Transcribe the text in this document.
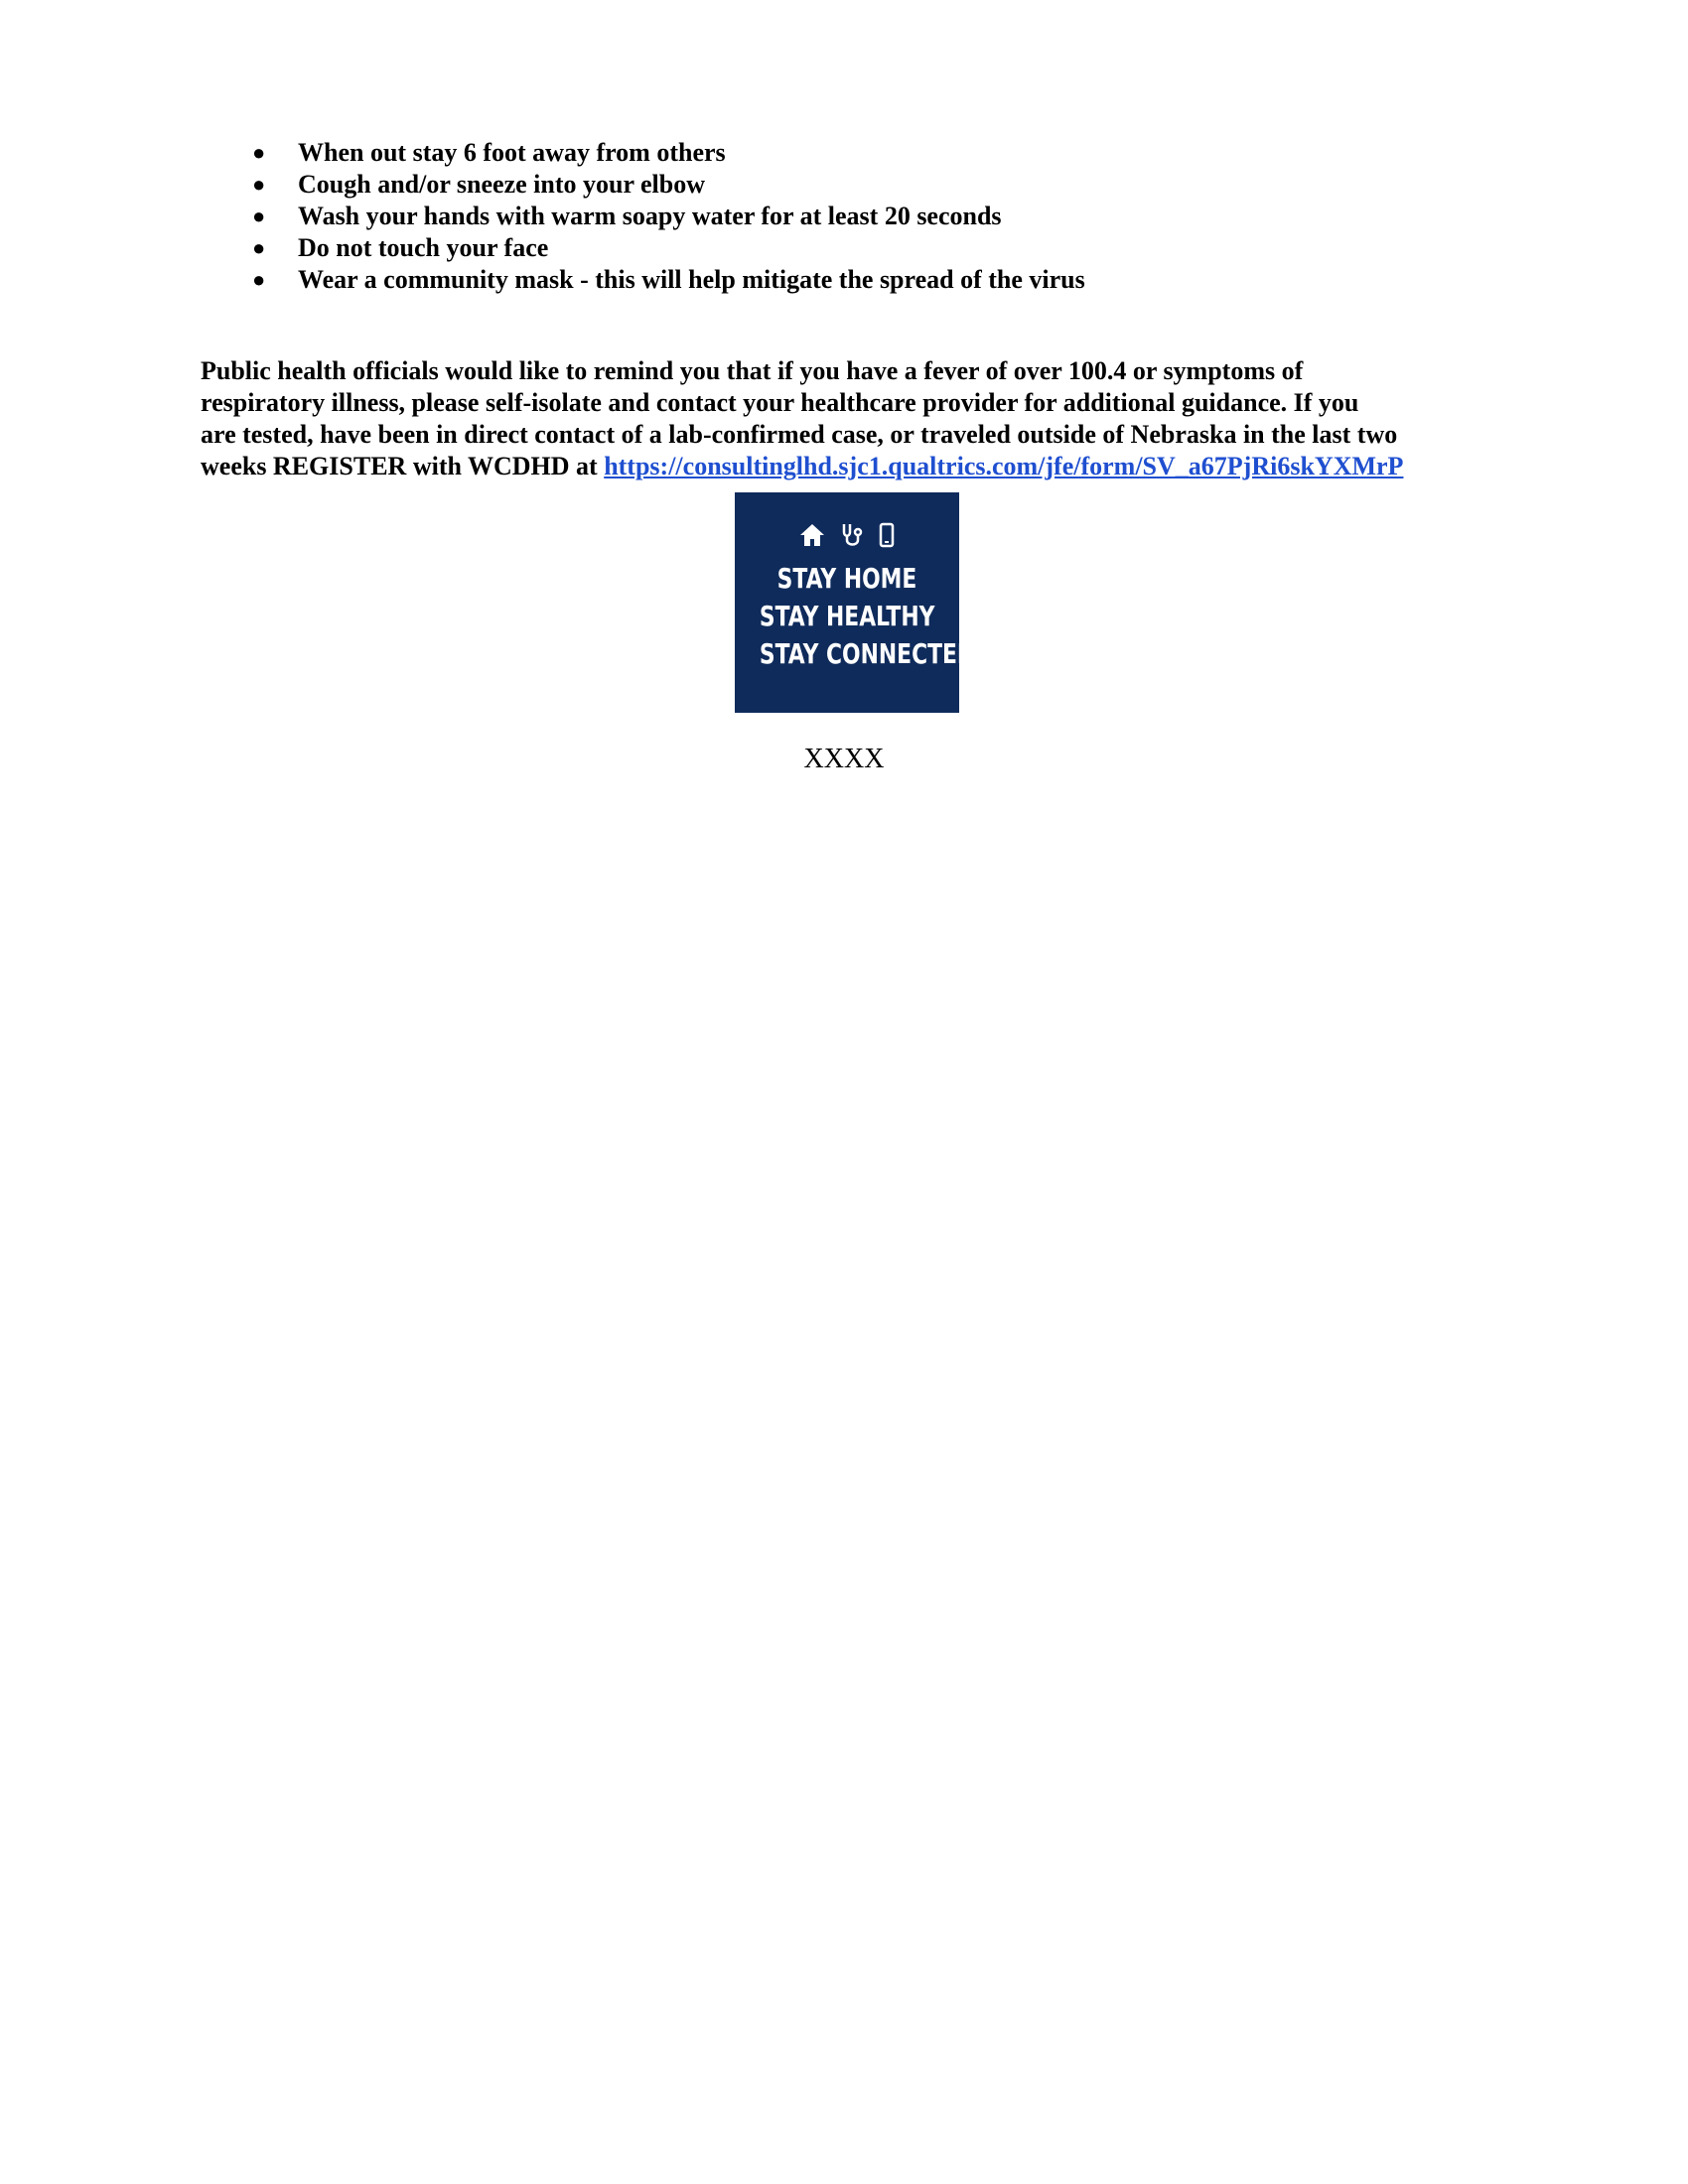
● When out stay 6 foot away from others
● Cough and/or sneeze into your elbow
● Wash your hands with warm soapy water for at least 20 seconds
● Do not touch your face
● Wear a community mask - this will help mitigate the spread of the virus

Public health officials would like to remind you that if you have a fever of over 100.4 or symptoms of
respiratory illness, please self-isolate and contact your healthcare provider for additional guidance. If you
are tested, have been in direct contact of a lab-confirmed case, or traveled outside of Nebraska in the last two
weeks REGISTER with WCDHD at https://consultinglhd.sjc1.qualtrics.com/jfe/form/SV_a67PjRi6skYXMrP

STAY HOME
STAY HEALTHY
STAY CONNECTED
XXXX
